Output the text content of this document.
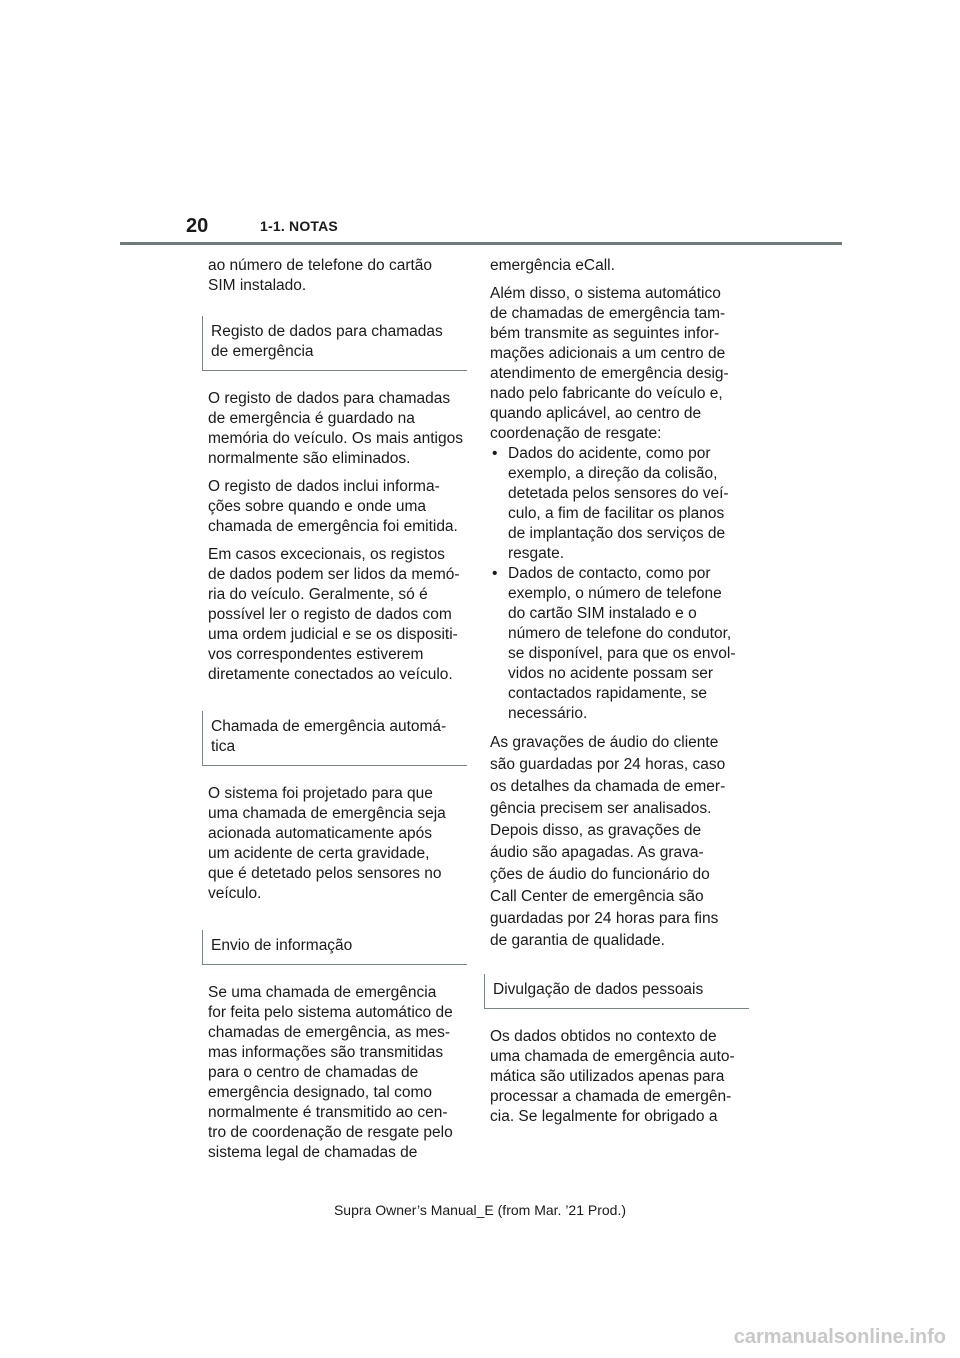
20	1-1. NOTAS

ao número de telefone do cartão
SIM instalado.

Registo de dados para chamadas
de emergência

O registo de dados para chamadas
de emergência é guardado na
memória do veículo. Os mais antigos
normalmente são eliminados.

O registo de dados inclui informa-
ções sobre quando e onde uma
chamada de emergência foi emitida.

Em casos excecionais, os registos
de dados podem ser lidos da memó-
ria do veículo. Geralmente, só é
possível ler o registo de dados com
uma ordem judicial e se os dispositi-
vos correspondentes estiverem
diretamente conectados ao veículo.

Chamada de emergência automá-
tica

O sistema foi projetado para que
uma chamada de emergência seja
acionada automaticamente após
um acidente de certa gravidade,
que é detetado pelos sensores no
veículo.

Envio de informação

Se uma chamada de emergência
for feita pelo sistema automático de
chamadas de emergência, as mes-
mas informações são transmitidas
para o centro de chamadas de
emergência designado, tal como
normalmente é transmitido ao cen-
tro de coordenação de resgate pelo
sistema legal de chamadas de

emergência eCall.

Além disso, o sistema automático
de chamadas de emergência tam-
bém transmite as seguintes infor-
mações adicionais a um centro de
atendimento de emergência desig-
nado pelo fabricante do veículo e,
quando aplicável, ao centro de
coordenação de resgate:

• Dados do acidente, como por
exemplo, a direção da colisão,
detetada pelos sensores do veí-
culo, a fim de facilitar os planos
de implantação dos serviços de
resgate.
• Dados de contacto, como por
exemplo, o número de telefone
do cartão SIM instalado e o
número de telefone do condutor,
se disponível, para que os envol-
vidos no acidente possam ser
contactados rapidamente, se
necessário.

As gravações de áudio do cliente
são guardadas por 24 horas, caso
os detalhes da chamada de emer-
gência precisem ser analisados.
Depois disso, as gravações de
áudio são apagadas. As grava-
ções de áudio do funcionário do
Call Center de emergência são
guardadas por 24 horas para fins
de garantia de qualidade.

Divulgação de dados pessoais

Os dados obtidos no contexto de
uma chamada de emergência auto-
mática são utilizados apenas para
processar a chamada de emergên-
cia. Se legalmente for obrigado a

Supra Owner’s Manual_E (from Mar. ’21 Prod.)
carmanualsonline.info
